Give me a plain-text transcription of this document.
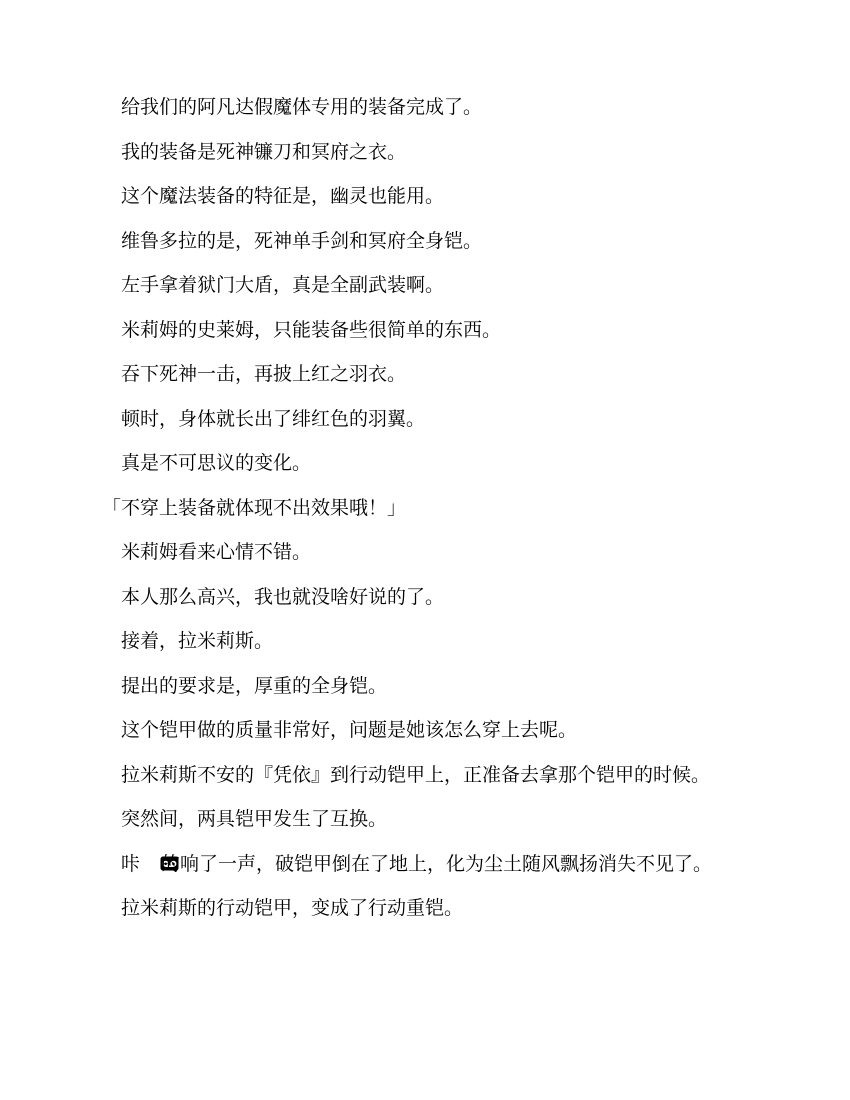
给我们的阿凡达假魔体专用的装备完成了。

我的装备是死神镰刀和冥府之衣。

这个魔法装备的特征是，幽灵也能用。

维鲁多拉的是，死神单手剑和冥府全身铠。

左手拿着狱门大盾，真是全副武装啊。

米莉姆的史莱姆，只能装备些很简单的东西。

吞下死神一击，再披上红之羽衣。

顿时，身体就长出了绯红色的羽翼。

真是不可思议的变化。

「不穿上装备就体现不出效果哦！」

米莉姆看来心情不错。

本人那么高兴，我也就没啥好说的了。

接着，拉米莉斯。

提出的要求是，厚重的全身铠。

这个铠甲做的质量非常好，问题是她该怎么穿上去呢。

拉米莉斯不安的『凭依』到行动铠甲上，正准备去拿那个铠甲的时候。

突然间，两具铠甲发生了互换。

咔 的响了一声，破铠甲倒在了地上，化为尘土随风飘扬消失不见了。

拉米莉斯的行动铠甲，变成了行动重铠。
